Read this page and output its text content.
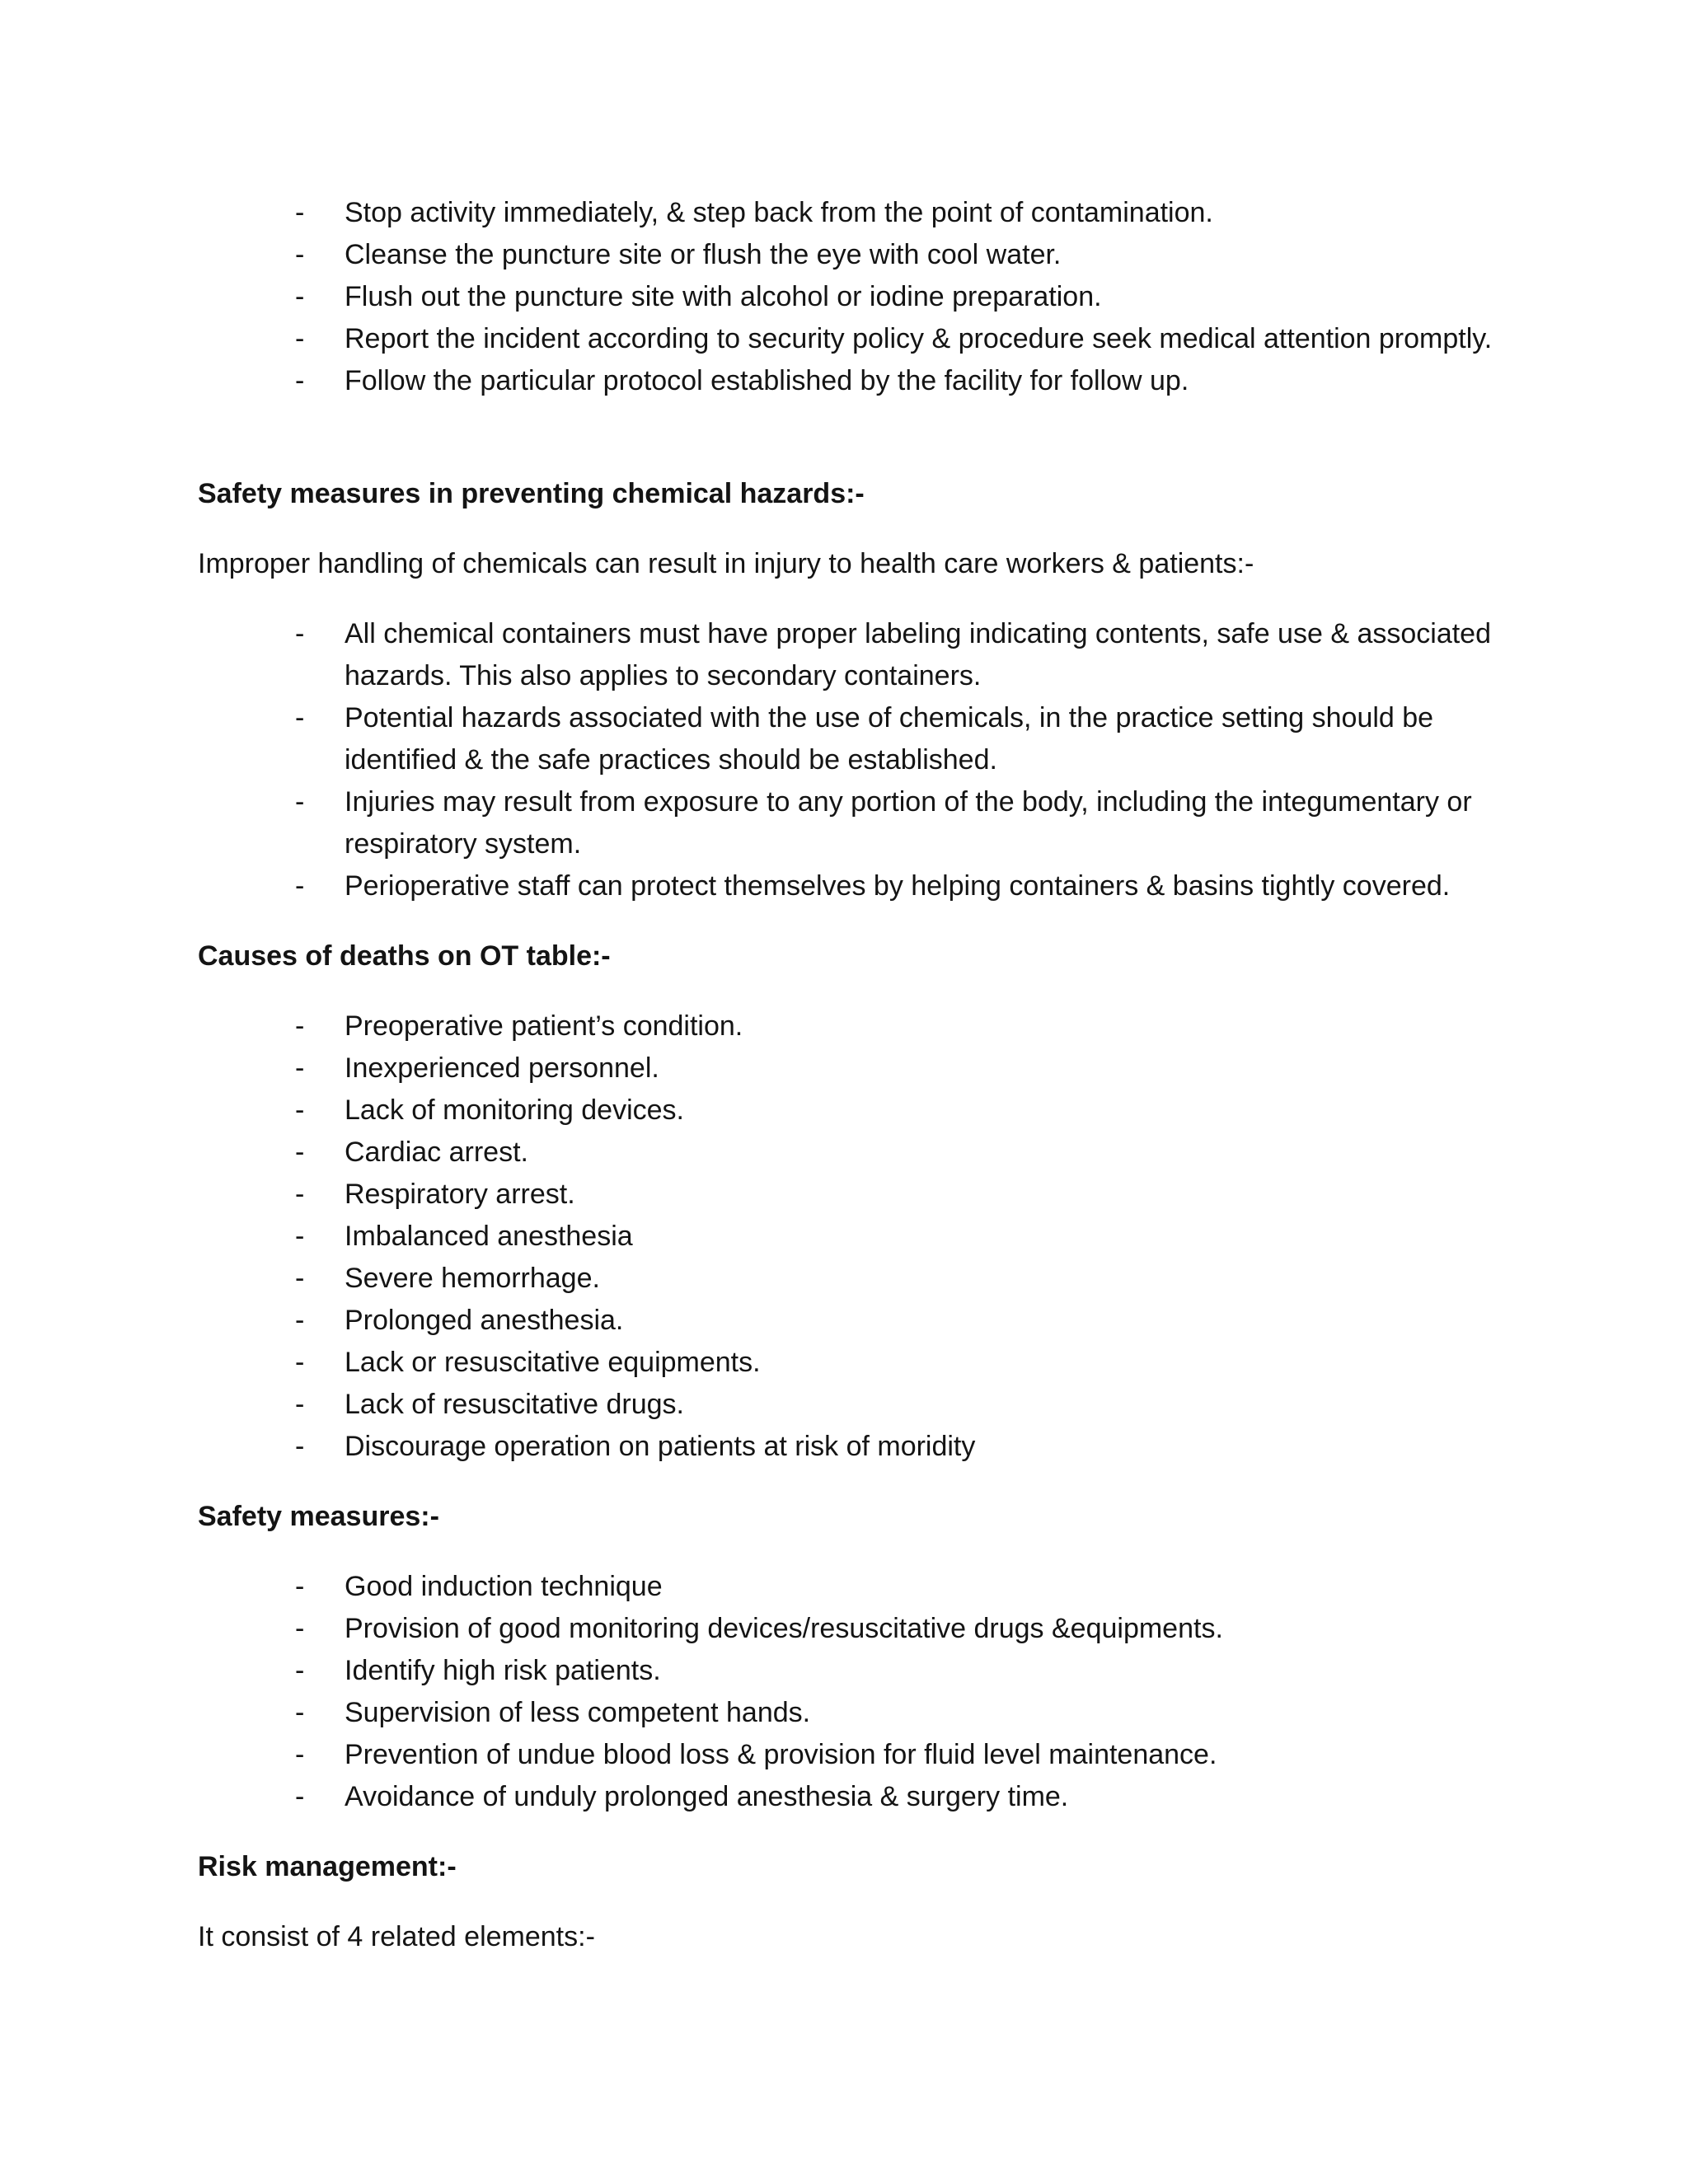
- Stop activity immediately, & step back from the point of contamination.
- Cleanse the puncture site or flush the eye with cool water.
- Flush out the puncture site with alcohol or iodine preparation.
- Report the incident according to security policy & procedure seek medical attention promptly.
- Follow the particular protocol established by the facility for follow up.
Safety measures in preventing chemical hazards:-

Improper handling of chemicals can result in injury to health care workers & patients:-

- All chemical containers must have proper labeling indicating contents, safe use & associated hazards. This also applies to secondary containers.
- Potential hazards associated with the use of chemicals, in the practice setting should be identified & the safe practices should be established.
- Injuries may result from exposure to any portion of the body, including the integumentary or respiratory system.
- Perioperative staff can protect themselves by helping containers & basins tightly covered.
Causes of deaths on OT table:-
- Preoperative patient’s condition.
- Inexperienced personnel.
- Lack of monitoring devices.
- Cardiac arrest.
- Respiratory arrest.
- Imbalanced anesthesia
- Severe hemorrhage.
- Prolonged anesthesia.
- Lack or resuscitative equipments.
- Lack of resuscitative drugs.
- Discourage operation on patients at risk of moridity
Safety measures:-
- Good induction technique
- Provision of good monitoring devices/resuscitative drugs &equipments.
- Identify high risk patients.
- Supervision of less competent hands.
- Prevention of undue blood loss & provision for fluid level maintenance.
- Avoidance of unduly prolonged anesthesia & surgery time.
Risk management:-

It consist of 4 related elements:-
